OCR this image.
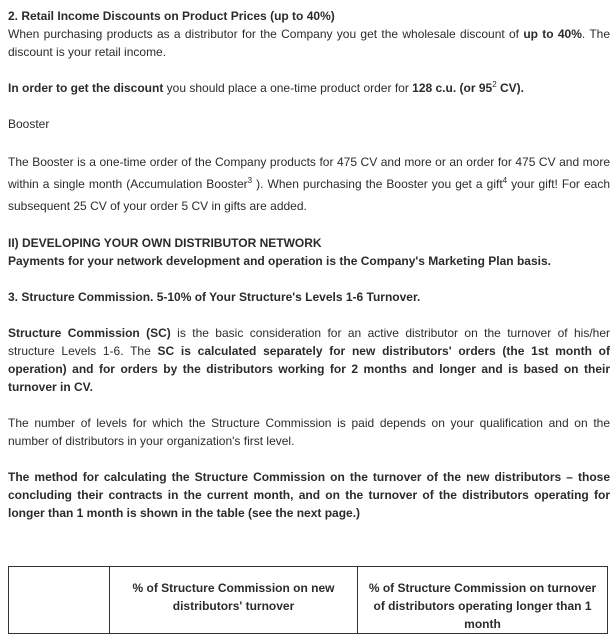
2. Retail Income Discounts on Product Prices (up to 40%)

When purchasing products as a distributor for the Company you get the wholesale discount of up to 40%. The discount is your retail income.

In order to get the discount you should place a one-time product order for 128 c.u. (or $95^2$ CV).

Booster

The Booster is a one-time order of the Company products for 475 CV and more or an order for 475 CV and more within a single month (Accumulation Booster$^3$ ). When purchasing the Booster you get a gift$^4$ your gift! For each subsequent 25 CV of your order 5 CV in gifts are added.

II) DEVELOPING YOUR OWN DISTRIBUTOR NETWORK

Payments for your network development and operation is the Company's Marketing Plan basis.

3. Structure Commission. 5-10% of Your Structure's Levels 1-6 Turnover.

Structure Commission (SC) is the basic consideration for an active distributor on the turnover of his/her structure Levels 1-6. The SC is calculated separately for new distributors' orders (the 1st month of operation) and for orders by the distributors working for 2 months and longer and is based on their turnover in CV.

The number of levels for which the Structure Commission is paid depends on your qualification and on the number of distributors in your organization's first level.

The method for calculating the Structure Commission on the turnover of the new distributors – those concluding their contracts in the current month, and on the turnover of the distributors operating for longer than 1 month is shown in the table (see the next page.)

	% of Structure Commission on new distributors' turnover	% of Structure Commission on turnover of distributors operating longer than 1 month
